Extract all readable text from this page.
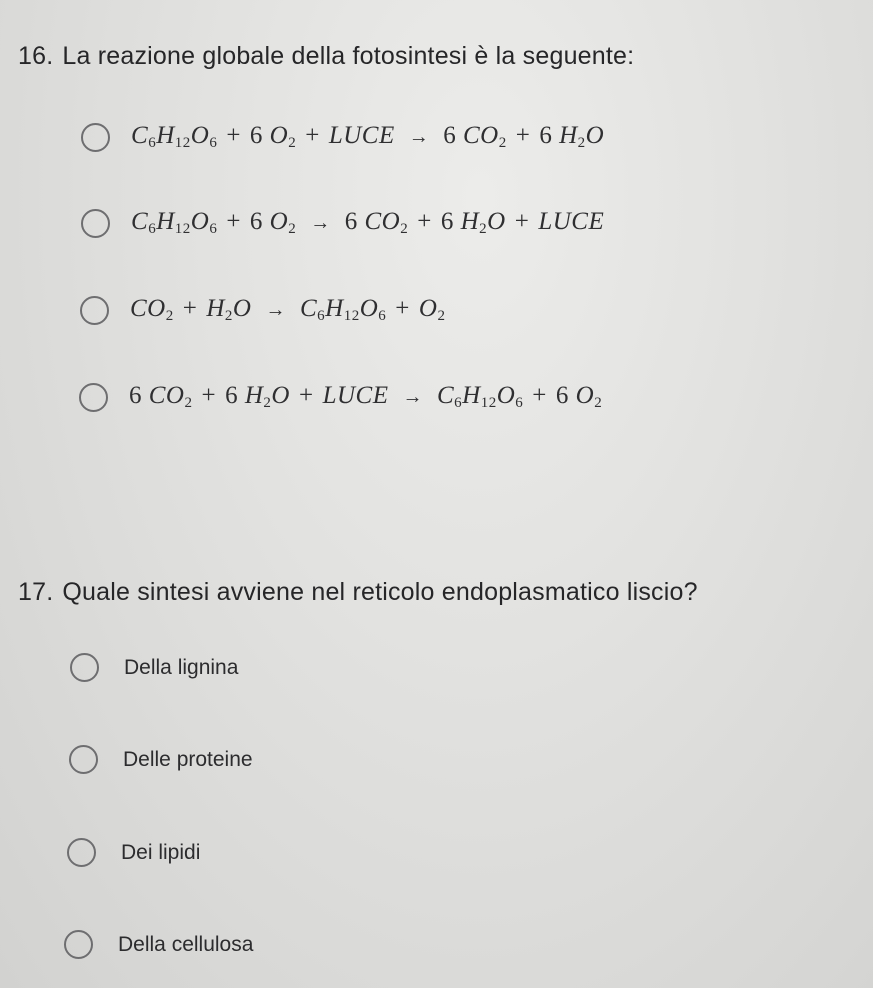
16. La reazione globale della fotosintesi è la seguente:
$C_6H_{12}O_6 + 6$ $O_2$ + LUCE → 6 $CO_2 + 6$ $H_2O$
$C_6H_{12}O_6 + 6$ $O_2 \to 6$ $CO_2 + 6$ $H_2O$ + LUCE
$CO_2 + H_2O \to C_6H_{12}O_6 + O_2$
6 $CO_2 + 6$ $H_2O$ + LUCE → $C_6H_{12}O_6 + 6$ $O_2$
17. Quale sintesi avviene nel reticolo endoplasmatico liscio?
Della lignina
Delle proteine
Dei lipidi
Della cellulosa
